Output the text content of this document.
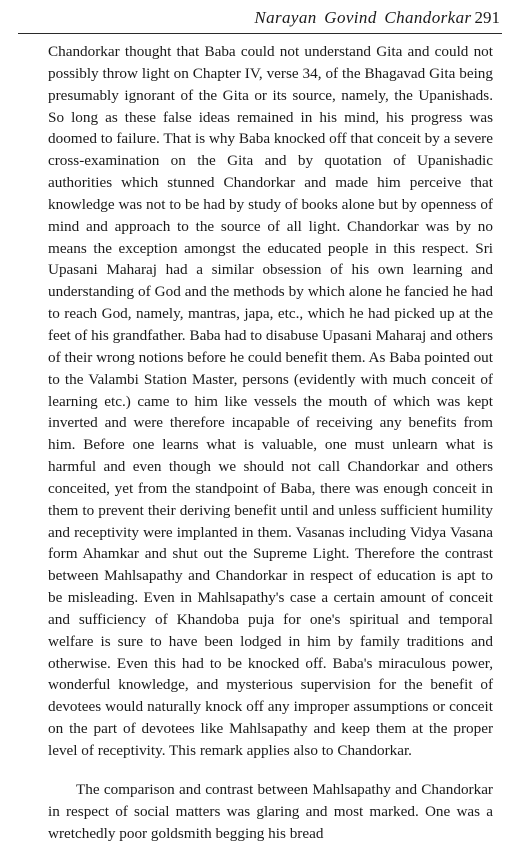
Narayan Govind Chandorkar 291

Chandorkar thought that Baba could not understand Gita and could not possibly throw light on Chapter IV, verse 34, of the Bhagavad Gita being presumably ignorant of the Gita or its source, namely, the Upanishads. So long as these false ideas remained in his mind, his progress was doomed to failure. That is why Baba knocked off that conceit by a severe cross-examination on the Gita and by quotation of Upanishadic authorities which stunned Chandorkar and made him perceive that knowledge was not to be had by study of books alone but by openness of mind and approach to the source of all light. Chandorkar was by no means the exception amongst the educated people in this respect. Sri Upasani Maharaj had a similar obsession of his own learning and understanding of God and the methods by which alone he fancied he had to reach God, namely, mantras, japa, etc., which he had picked up at the feet of his grandfather. Baba had to disabuse Upasani Maharaj and others of their wrong notions before he could benefit them. As Baba pointed out to the Valambi Station Master, persons (evidently with much conceit of learning etc.) came to him like vessels the mouth of which was kept inverted and were therefore incapable of receiving any benefits from him. Before one learns what is valuable, one must unlearn what is harmful and even though we should not call Chandorkar and others conceited, yet from the standpoint of Baba, there was enough conceit in them to prevent their deriving benefit until and unless sufficient humility and receptivity were implanted in them. Vasanas including Vidya Vasana form Ahamkar and shut out the Supreme Light. Therefore the contrast between Mahlsapathy and Chandorkar in respect of education is apt to be misleading. Even in Mahlsapathy's case a certain amount of conceit and sufficiency of Khandoba puja for one's spiritual and temporal welfare is sure to have been lodged in him by family traditions and otherwise. Even this had to be knocked off. Baba's miraculous power, wonderful knowledge, and mysterious supervision for the benefit of devotees would naturally knock off any improper assumptions or conceit on the part of devotees like Mahlsapathy and keep them at the proper level of receptivity. This remark applies also to Chandorkar.

The comparison and contrast between Mahlsapathy and Chandorkar in respect of social matters was glaring and most marked. One was a wretchedly poor goldsmith begging his bread
